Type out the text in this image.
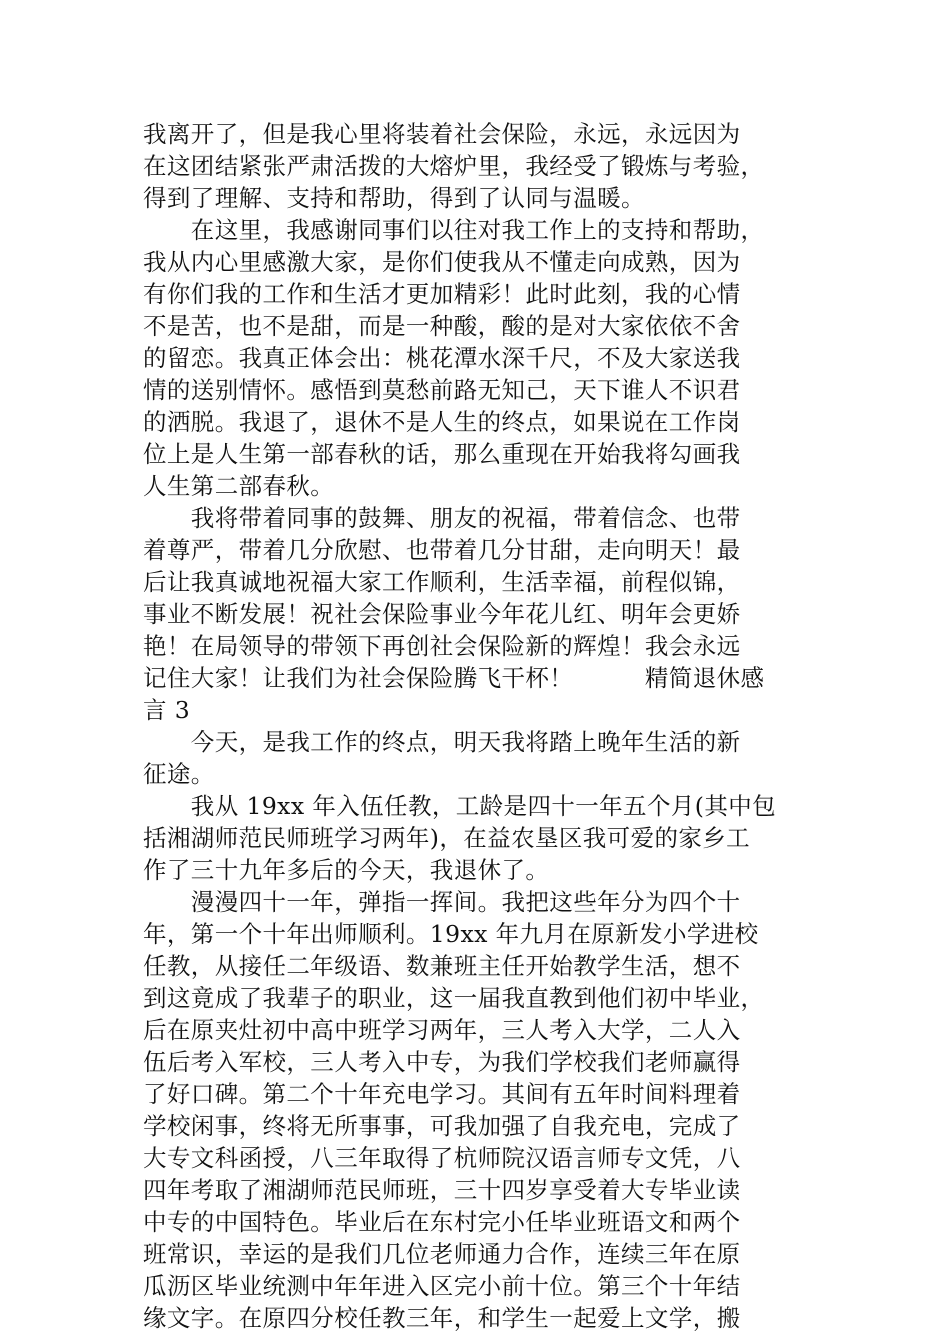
我离开了，但是我心里将装着社会保险，永远，永远因为
在这团结紧张严肃活拨的大熔炉里，我经受了锻炼与考验，
得到了理解、支持和帮助，得到了认同与温暖。
　　在这里，我感谢同事们以往对我工作上的支持和帮助，
我从内心里感激大家，是你们使我从不懂走向成熟，因为
有你们我的工作和生活才更加精彩！此时此刻，我的心情
不是苦，也不是甜，而是一种酸，酸的是对大家依依不舍
的留恋。我真正体会出：桃花潭水深千尺，不及大家送我
情的送别情怀。感悟到莫愁前路无知己，天下谁人不识君
的洒脱。我退了，退休不是人生的终点，如果说在工作岗
位上是人生第一部春秋的话，那么重现在开始我将勾画我
人生第二部春秋。
　　我将带着同事的鼓舞、朋友的祝福，带着信念、也带
着尊严，带着几分欣慰、也带着几分甘甜，走向明天！最
后让我真诚地祝福大家工作顺利，生活幸福，前程似锦，
事业不断发展！祝社会保险事业今年花儿红、明年会更娇
艳！在局领导的带领下再创社会保险新的辉煌！我会永远
记住大家！让我们为社会保险腾飞干杯！　　　精简退休感
言 3
　　今天，是我工作的终点，明天我将踏上晚年生活的新
征途。
　　我从 19xx 年入伍任教，工龄是四十一年五个月(其中包
括湘湖师范民师班学习两年)，在益农垦区我可爱的家乡工
作了三十九年多后的今天，我退休了。
　　漫漫四十一年，弹指一挥间。我把这些年分为四个十
年，第一个十年出师顺利。19xx 年九月在原新发小学进校
任教，从接任二年级语、数兼班主任开始教学生活，想不
到这竟成了我辈子的职业，这一届我直教到他们初中毕业，
后在原夹灶初中高中班学习两年，三人考入大学，二人入
伍后考入军校，三人考入中专，为我们学校我们老师赢得
了好口碑。第二个十年充电学习。其间有五年时间料理着
学校闲事，终将无所事事，可我加强了自我充电，完成了
大专文科函授，八三年取得了杭师院汉语言师专文凭，八
四年考取了湘湖师范民师班，三十四岁享受着大专毕业读
中专的中国特色。毕业后在东村完小任毕业班语文和两个
班常识，幸运的是我们几位老师通力合作，连续三年在原
瓜沥区毕业统测中年年进入区完小前十位。第三个十年结
缘文字。在原四分校任教三年，和学生一起爱上文学，搬
